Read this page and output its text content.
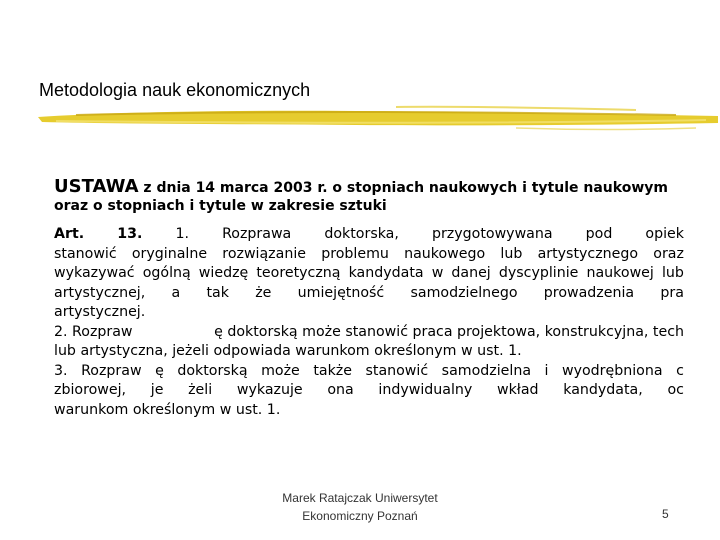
Metodologia nauk ekonomicznych
USTAWA z dnia 14 marca 2003 r. o stopniach naukowych i tytule naukowym
oraz o stopniach i tytule w zakresie sztuki
Art. 13. 1. Rozprawa doktorska, przygotowywana pod opiek
stanowić oryginalne rozwiązanie problemu naukowego lub artystycznego oraz
wykazywać ogólną wiedzę teoretyczną kandydata w danej dyscyplinie naukowej lub
artystycznej, a tak że umiejętność samodzielnego prowadzenia pra
artystycznej.
2. Rozpraw	ę doktorską może stanowić praca projektowa, konstrukcyjna, tech
lub artystyczna, jeżeli odpowiada warunkom określonym w ust. 1.
3. Rozpraw ę doktorską może także stanowić samodzielna i wyodrębniona c
zbiorowej, je żeli wykazuje ona indywidualny wkład kandydata, oc
warunkom określonym w ust. 1.
Marek Ratajczak Uniwersytet
Ekonomiczny Poznań	5
